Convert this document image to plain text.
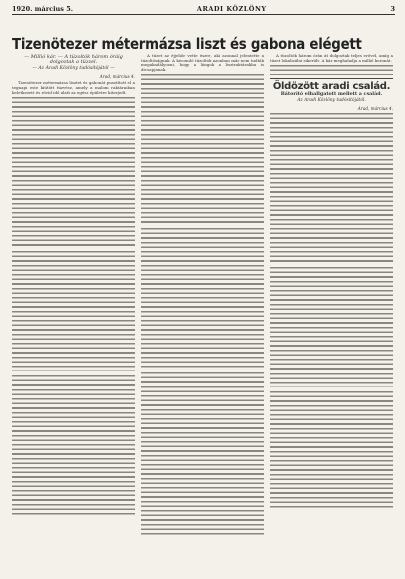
1920. március 5.	ARADI KÖZLÖNY	3
Tizenötezer métermázsa liszt és gabona elégett
— Millió kár. — A tüzoltók három óráig dolgoztak a tüzzel.
— Az Aradi Közlöny tudósítójától —
Arad, március 4.
Tizenötezer métermázsa lisztet és gabonát pusztított el a tegnapi este kiütött tüzvész, amely a malom raktáraiban keletkezett és rövid idő alatt az egész épületre kiterjedt.
A tüzet az éjjeliőr vette észre, aki azonnal jelentette a tüzoltóságnak. A kivonuló tüzoltók azonban már nem tudták megakadályozni, hogy a lángok a lisztraktárakba is átcsapjanak.
A tüzoltók három órán át dolgoztak teljes erővel, amíg a tüzet lokalizálni sikerült. A kár meghaladja a millió koronát.
Öldözött aradi család.
Bátorító elhallgatott mellett a család.
Az Aradi Közlöny tudósítójától.
Arad, március 4.
